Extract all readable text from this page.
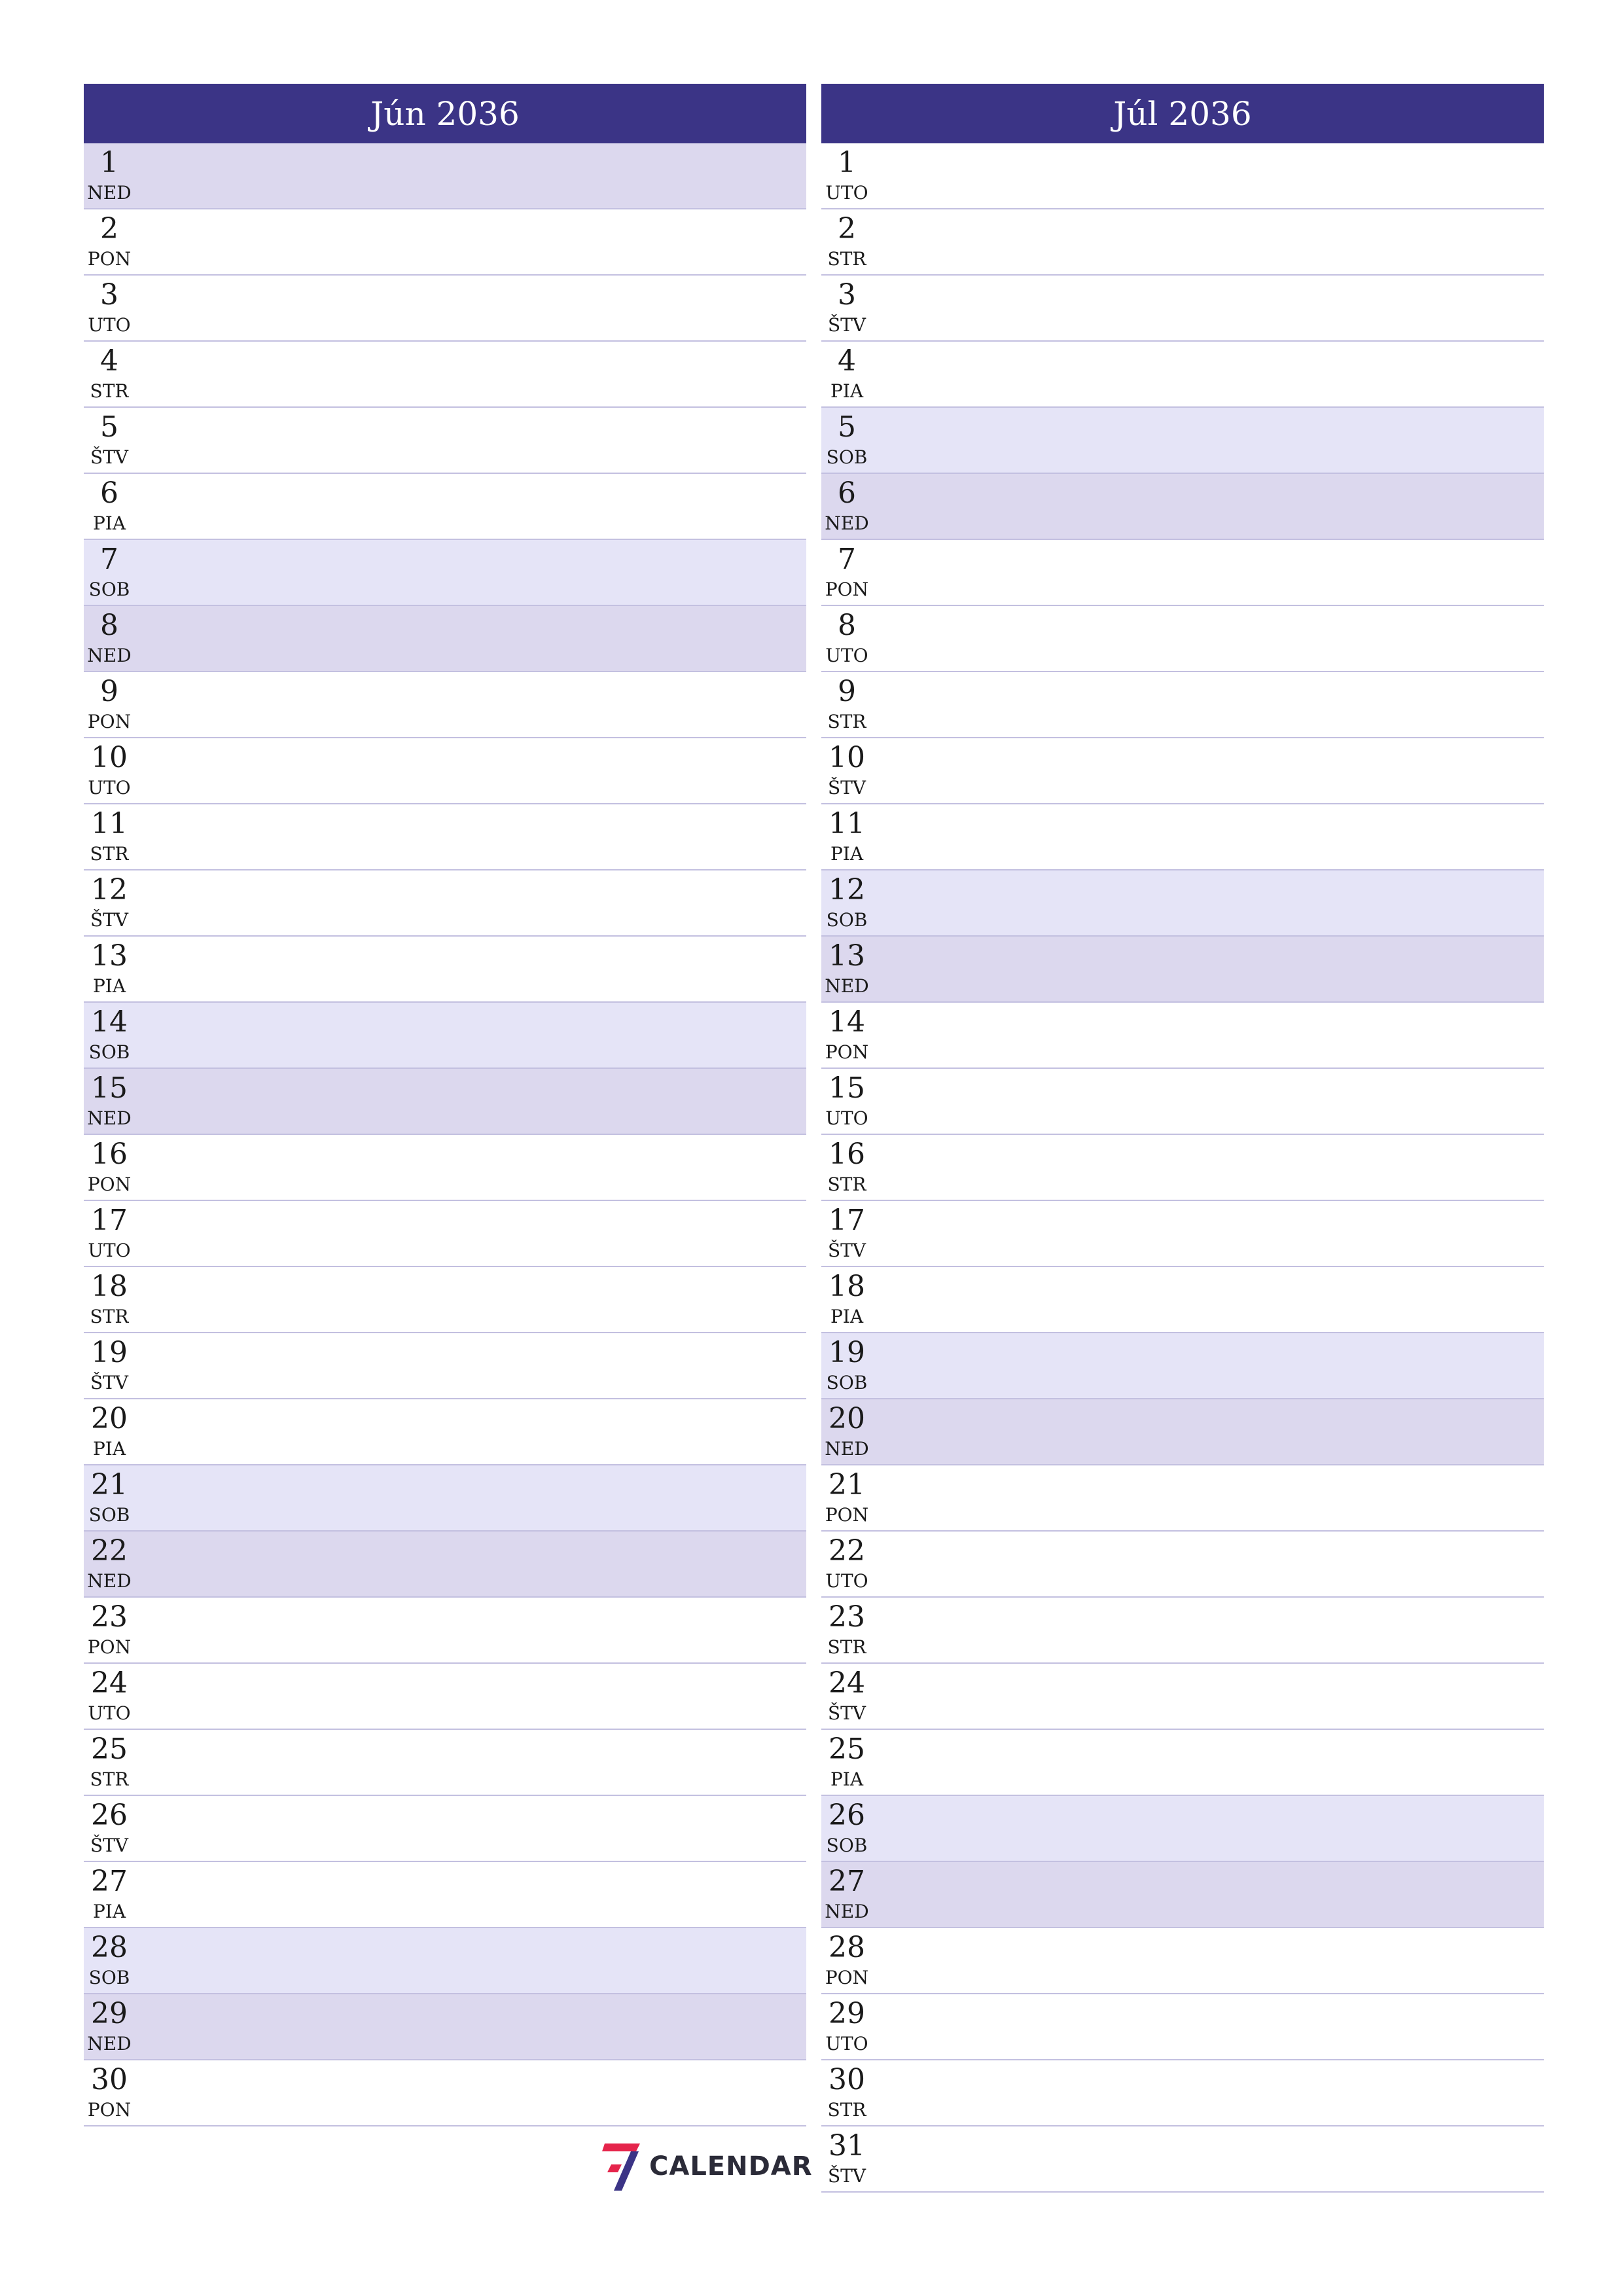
Jún 2036
1
NED
2
PON
3
UTO
4
STR
5
ŠTV
6
PIA
7
SOB
8
NED
9
PON
10
UTO
11
STR
12
ŠTV
13
PIA
14
SOB
15
NED
16
PON
17
UTO
18
STR
19
ŠTV
20
PIA
21
SOB
22
NED
23
PON
24
UTO
25
STR
26
ŠTV
27
PIA
28
SOB
29
NED
30
PON
Júl 2036
1
UTO
2
STR
3
ŠTV
4
PIA
5
SOB
6
NED
7
PON
8
UTO
9
STR
10
ŠTV
11
PIA
12
SOB
13
NED
14
PON
15
UTO
16
STR
17
ŠTV
18
PIA
19
SOB
20
NED
21
PON
22
UTO
23
STR
24
ŠTV
25
PIA
26
SOB
27
NED
28
PON
29
UTO
30
STR
31
ŠTV
CALENDAR
